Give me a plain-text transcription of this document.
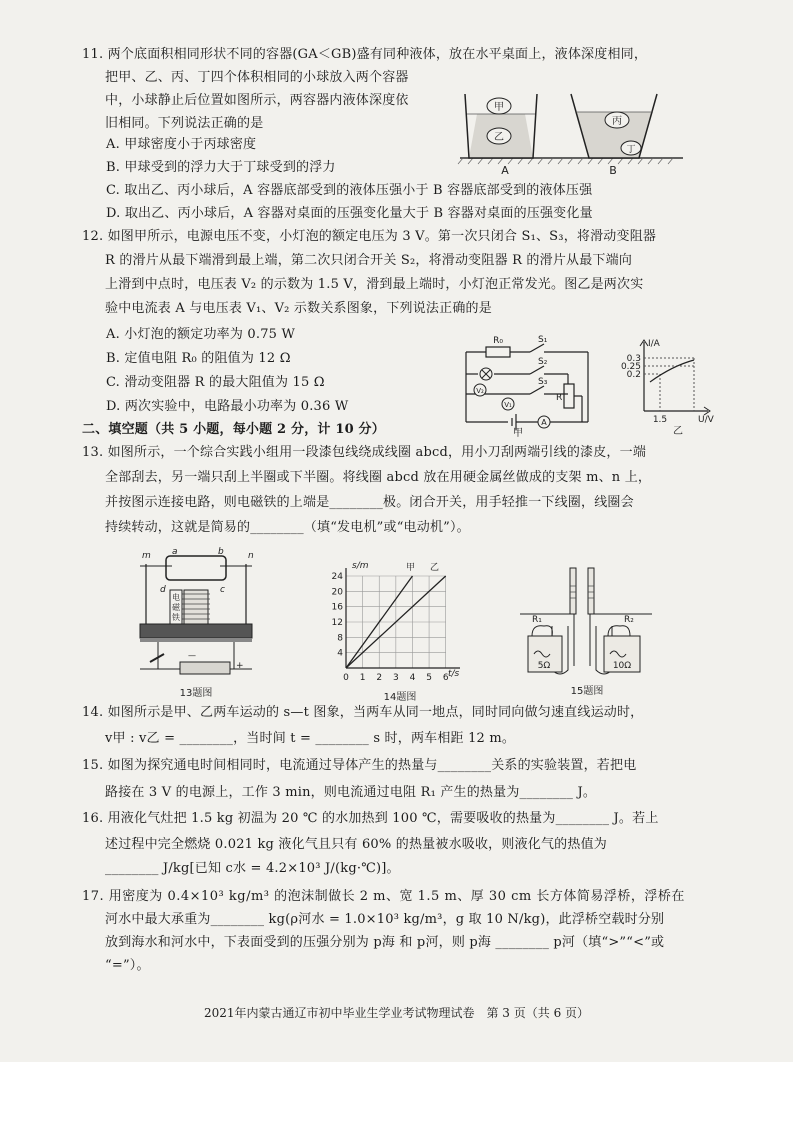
11. 两个底面积相同形状不同的容器(GA＜GB)盛有同种液体，放在水平桌面上，液体深度相同，
把甲、乙、丙、丁四个体积相同的小球放入两个容器
中，小球静止后位置如图所示，两容器内液体深度依
旧相同。下列说法正确的是
A. 甲球密度小于丙球密度
B. 甲球受到的浮力大于丁球受到的浮力
C. 取出乙、丙小球后，A 容器底部受到的液体压强小于 B 容器底部受到的液体压强
D. 取出乙、丙小球后，A 容器对桌面的压强变化量大于 B 容器对桌面的压强变化量
甲
乙
A
丙
丁
B
12. 如图甲所示，电源电压不变，小灯泡的额定电压为 3 V。第一次只闭合 S₁、S₃，将滑动变阻器
R 的滑片从最下端滑到最上端，第二次只闭合开关 S₂，将滑动变阻器 R 的滑片从最下端向
上滑到中点时，电压表 V₂ 的示数为 1.5 V，滑到最上端时，小灯泡正常发光。图乙是两次实
验中电流表 A 与电压表 V₁、V₂ 示数关系图象，下列说法正确的是
A. 小灯泡的额定功率为 0.75 W
B. 定值电阻 R₀ 的阻值为 12 Ω
C. 滑动变阻器 R 的最大阻值为 15 Ω
D. 两次实验中，电路最小功率为 0.36 W
R₀	S₁
S₂
S₃
V₂
V₁
R
A
甲
I/A
U/V
0.3
0.25
0.2
1.5
乙
二、填空题（共 5 小题，每小题 2 分，计 10 分）
13. 如图所示，一个综合实践小组用一段漆包线绕成线圈 abcd，用小刀刮两端引线的漆皮，一端
全部刮去，另一端只刮上半圈或下半圈。将线圈 abcd 放在用硬金属丝做成的支架 m、n 上，
并按图示连接电路，则电磁铁的上端是________极。闭合开关，用手轻推一下线圈，线圈会
持续转动，这就是简易的________（填“发电机”或“电动机”）。
m	n
a	b
c
d
电
磁
铁
+
—
13题图
24
20
16
12
8
4
0 1 2 3 4 5 6
s/m
t/s
甲 乙
14题图
R₁	R₂
5Ω	10Ω
15题图
14. 如图所示是甲、乙两车运动的 s—t 图象，当两车从同一地点，同时同向做匀速直线运动时，
v甲 : v乙 = ________，当时间 t = ________ s 时，两车相距 12 m。
15. 如图为探究通电时间相同时，电流通过导体产生的热量与________关系的实验装置，若把电
路接在 3 V 的电源上，工作 3 min，则电流通过电阻 R₁ 产生的热量为________ J。
16. 用液化气灶把 1.5 kg 初温为 20 ℃ 的水加热到 100 ℃，需要吸收的热量为________ J。若上
述过程中完全燃烧 0.021 kg 液化气且只有 60% 的热量被水吸收，则液化气的热值为
________ J/kg[已知 c水 = 4.2×10³ J/(kg·℃)]。
17. 用密度为 0.4×10³ kg/m³ 的泡沫制做长 2 m、宽 1.5 m、厚 30 cm 长方体简易浮桥，浮桥在
河水中最大承重为________ kg(ρ河水 = 1.0×10³ kg/m³，g 取 10 N/kg)，此浮桥空载时分别
放到海水和河水中，下表面受到的压强分别为 p海 和 p河，则 p海 ________ p河（填“>”“<”或
“=”）。
2021年内蒙古通辽市初中毕业生学业考试物理试卷　第 3 页（共 6 页）
